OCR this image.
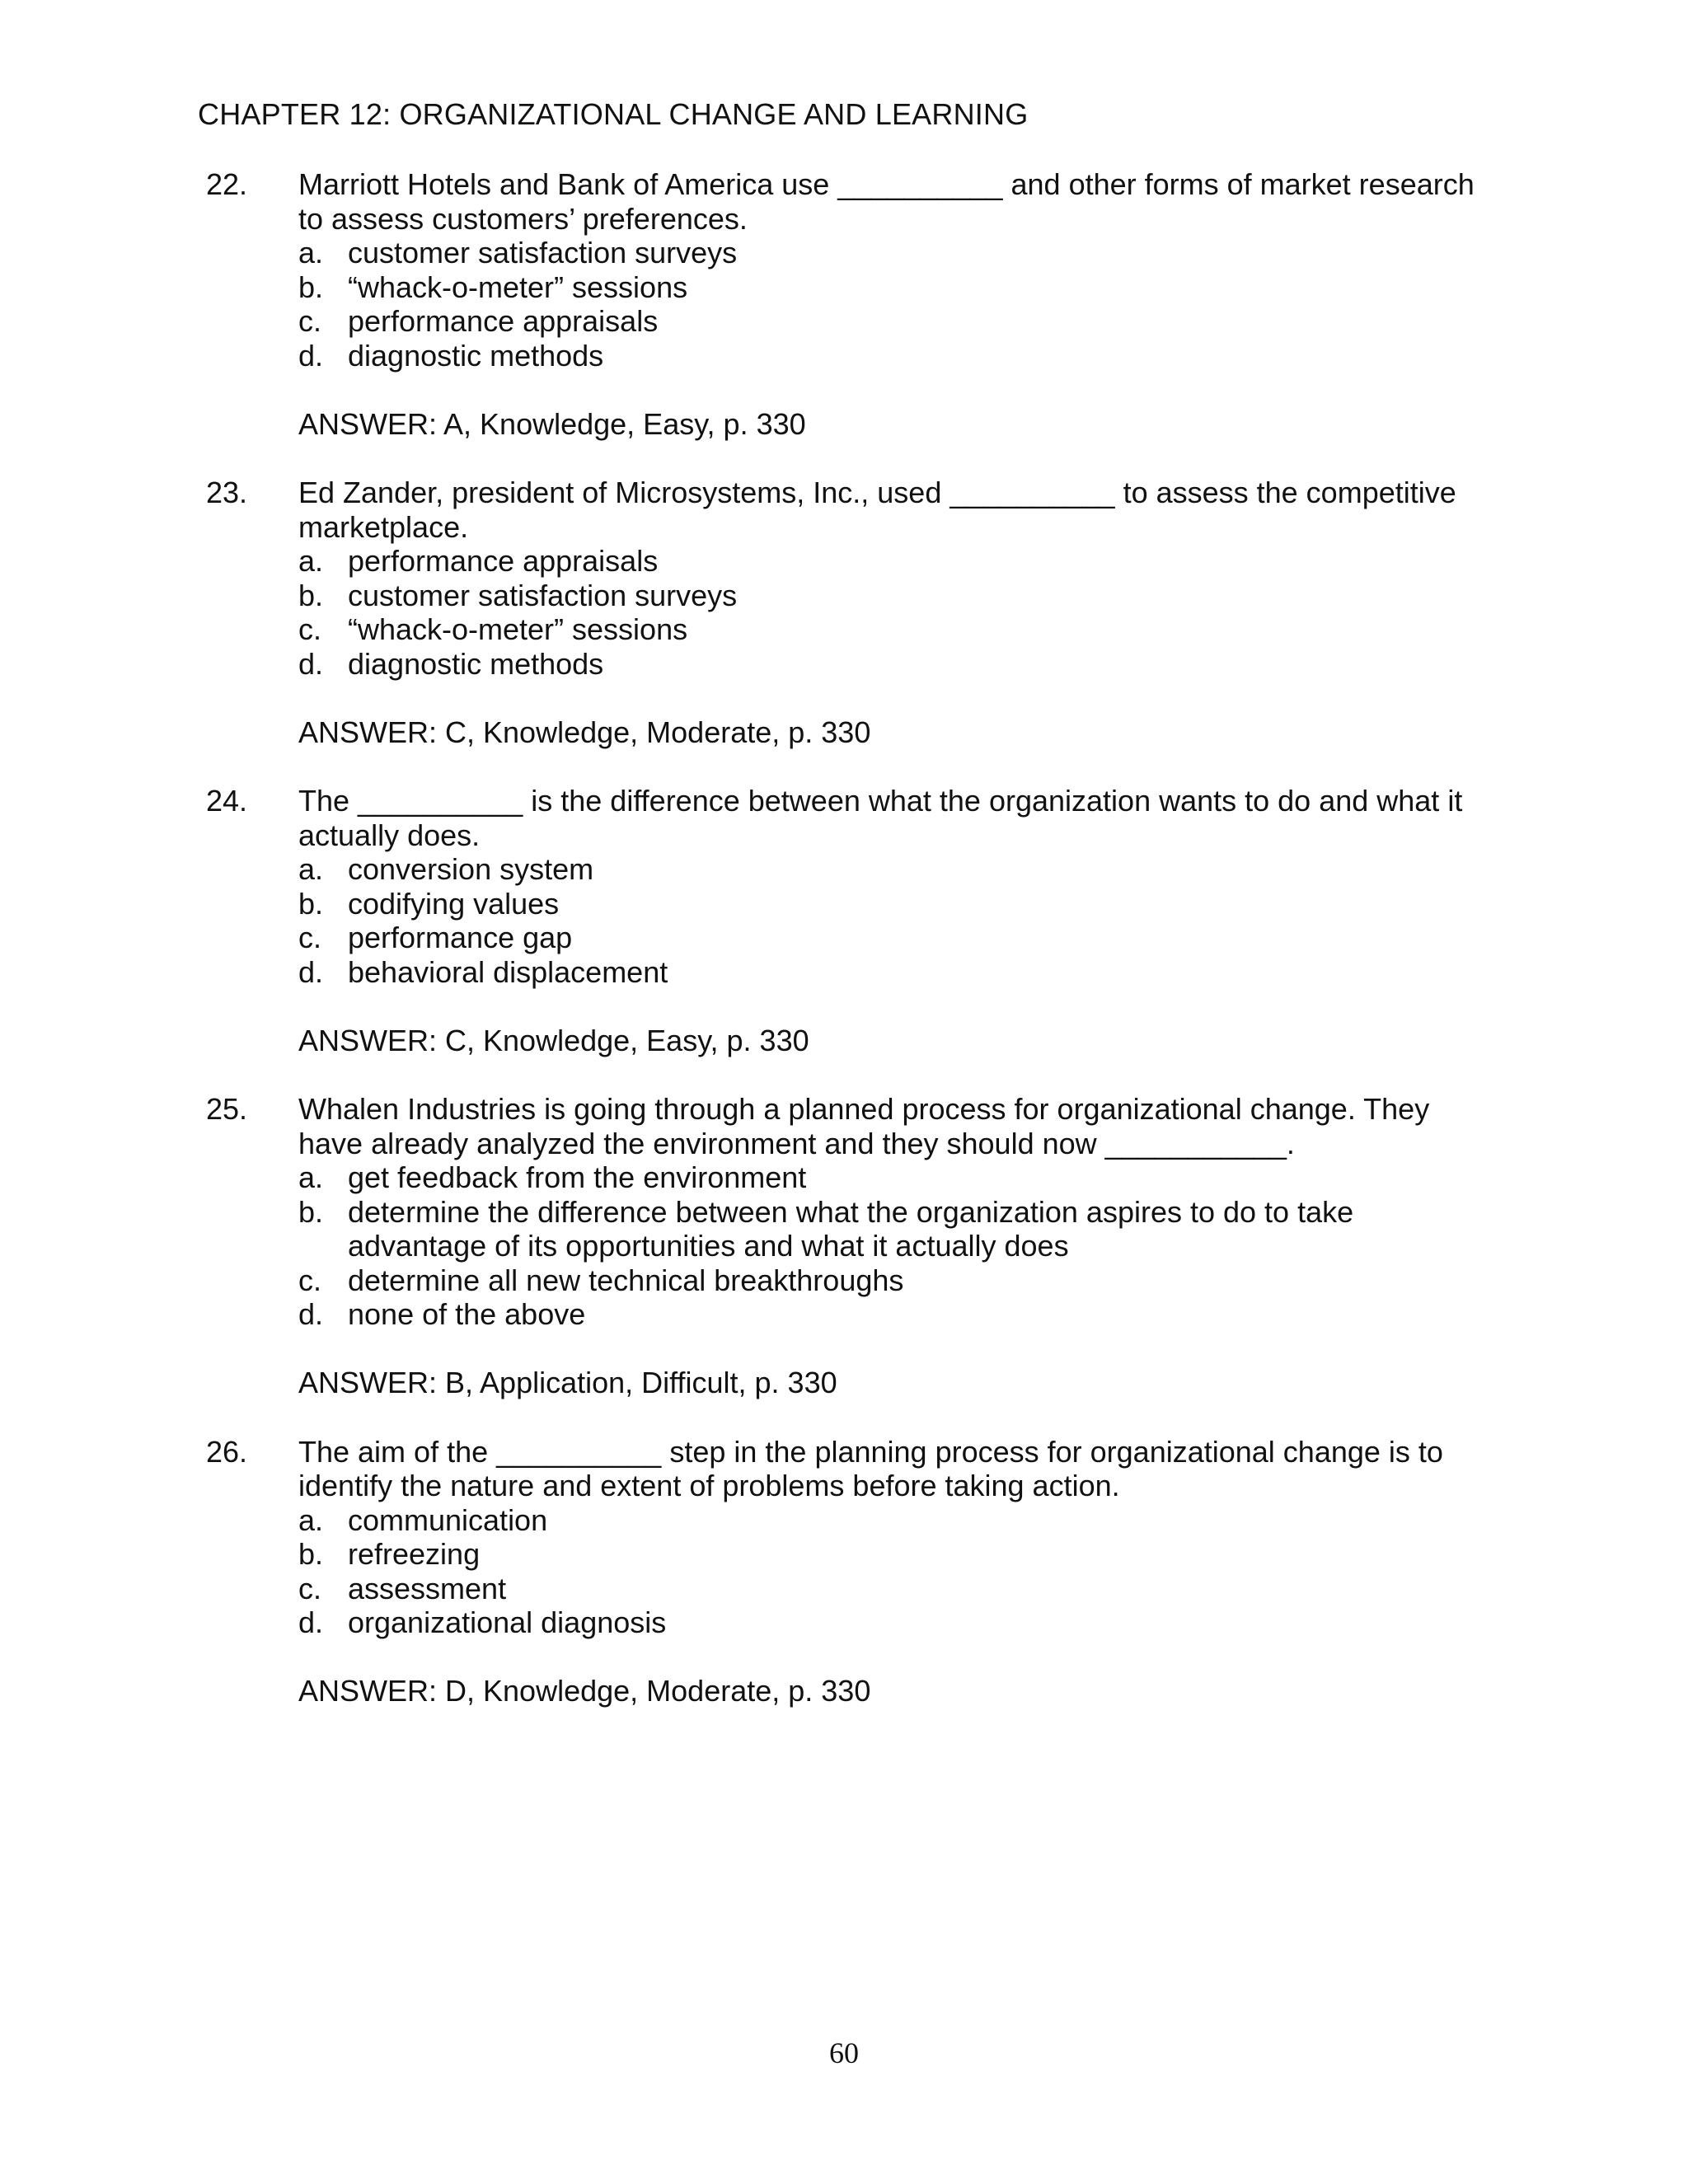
CHAPTER 12: ORGANIZATIONAL CHANGE AND LEARNING
22. Marriott Hotels and Bank of America use __________ and other forms of market research to assess customers’ preferences.

a. customer satisfaction surveys
b. “whack-o-meter” sessions
c. performance appraisals
d. diagnostic methods
ANSWER: A, Knowledge, Easy, p. 330
23. Ed Zander, president of Microsystems, Inc., used __________ to assess the competitive marketplace.

a. performance appraisals
b. customer satisfaction surveys
c. “whack-o-meter” sessions
d. diagnostic methods
ANSWER: C, Knowledge, Moderate, p. 330
24. The __________ is the difference between what the organization wants to do and what it actually does.

a. conversion system
b. codifying values
c. performance gap
d. behavioral displacement
ANSWER: C, Knowledge, Easy, p. 330
25. Whalen Industries is going through a planned process for organizational change. They have already analyzed the environment and they should now ___________.

a. get feedback from the environment
b. determine the difference between what the organization aspires to do to take advantage of its opportunities and what it actually does
c. determine all new technical breakthroughs
d. none of the above
ANSWER: B, Application, Difficult, p. 330
26. The aim of the __________ step in the planning process for organizational change is to identify the nature and extent of problems before taking action.

a. communication
b. refreezing
c. assessment
d. organizational diagnosis
ANSWER: D, Knowledge, Moderate, p. 330
60
